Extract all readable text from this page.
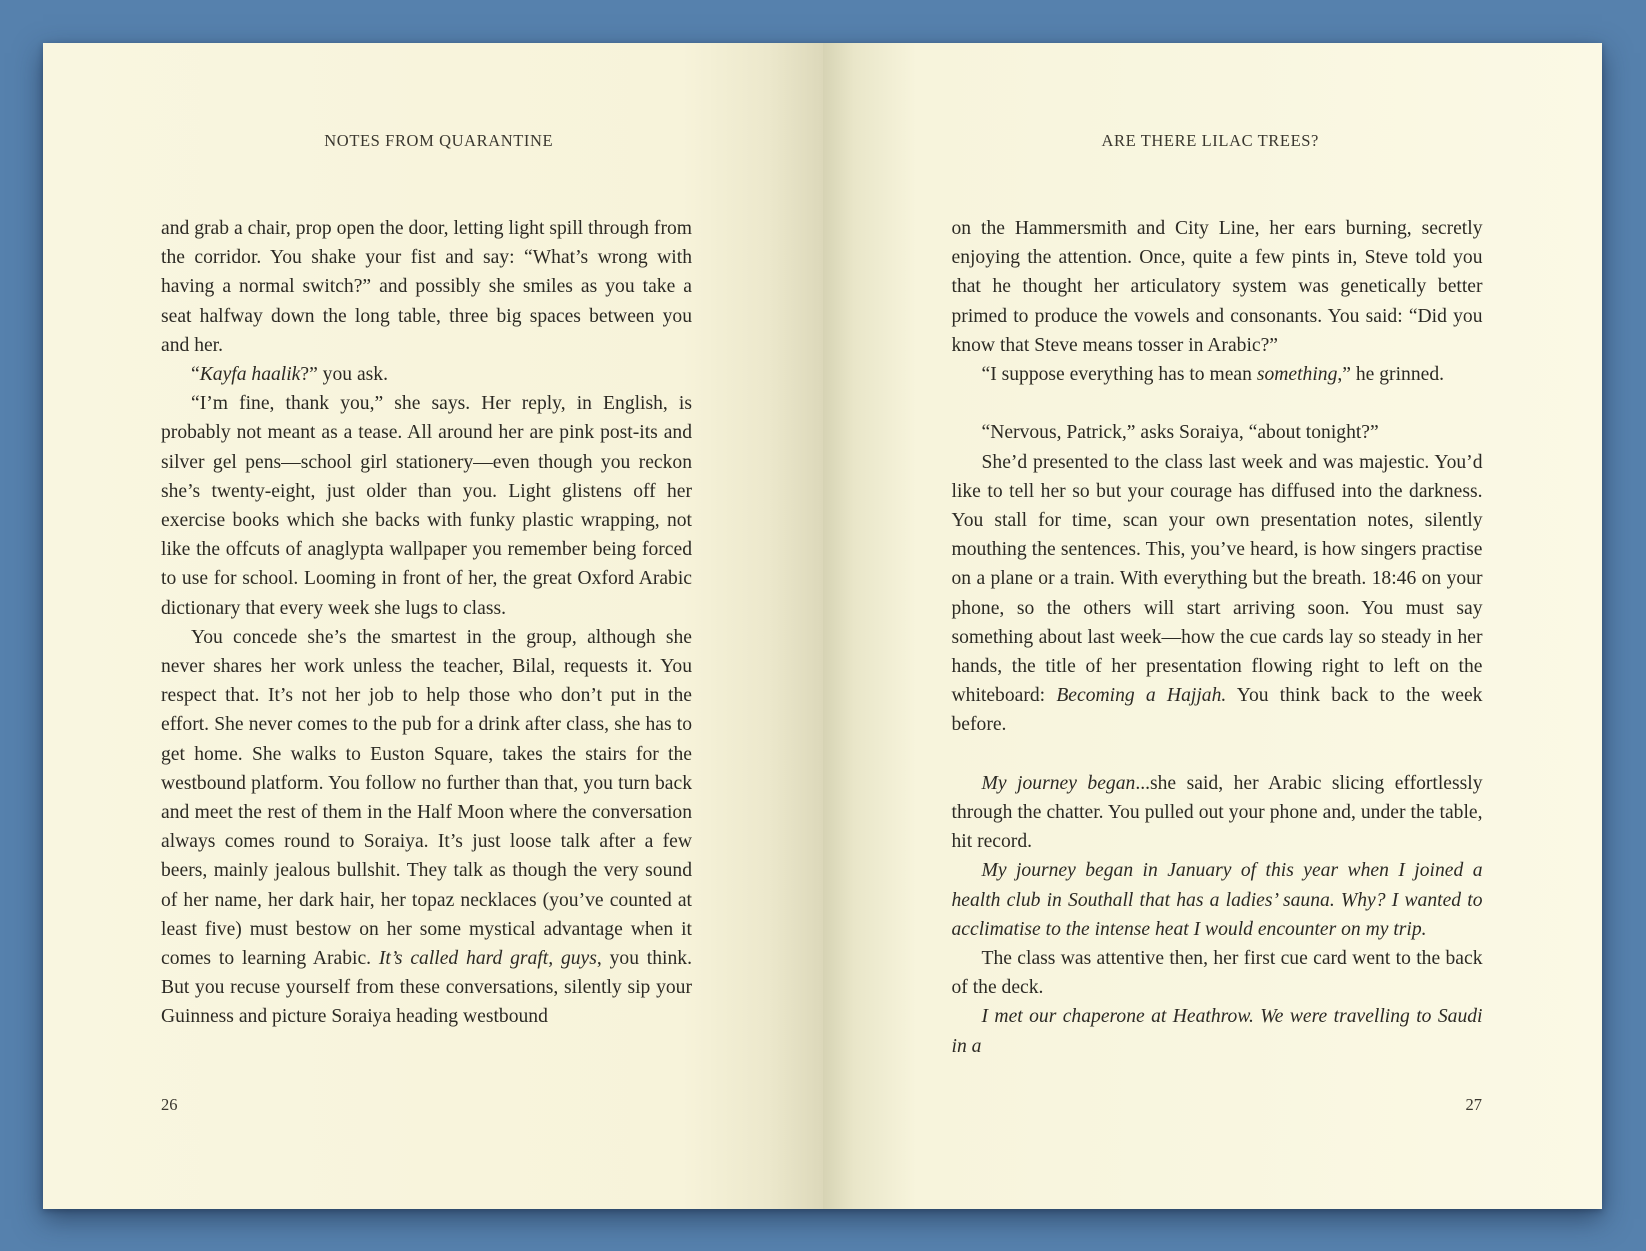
NOTES FROM QUARANTINE

and grab a chair, prop open the door, letting light spill through from the corridor. You shake your fist and say: “What’s wrong with having a normal switch?” and possibly she smiles as you take a seat halfway down the long table, three big spaces between you and her.

“Kayfa haalik?” you ask.

“I’m fine, thank you,” she says. Her reply, in English, is probably not meant as a tease. All around her are pink post-its and silver gel pens—school girl stationery—even though you reckon she’s twenty-eight, just older than you. Light glistens off her exercise books which she backs with funky plastic wrapping, not like the offcuts of anaglypta wallpaper you remember being forced to use for school. Looming in front of her, the great Oxford Arabic dictionary that every week she lugs to class.

You concede she’s the smartest in the group, although she never shares her work unless the teacher, Bilal, requests it. You respect that. It’s not her job to help those who don’t put in the effort. She never comes to the pub for a drink after class, she has to get home. She walks to Euston Square, takes the stairs for the westbound platform. You follow no further than that, you turn back and meet the rest of them in the Half Moon where the conversation always comes round to Soraiya. It’s just loose talk after a few beers, mainly jealous bullshit. They talk as though the very sound of her name, her dark hair, her topaz necklaces (you’ve counted at least five) must bestow on her some mystical advantage when it comes to learning Arabic. It’s called hard graft, guys, you think. But you recuse yourself from these conversations, silently sip your Guinness and picture Soraiya heading westbound

26
ARE THERE LILAC TREES?

on the Hammersmith and City Line, her ears burning, secretly enjoying the attention. Once, quite a few pints in, Steve told you that he thought her articulatory system was genetically better primed to produce the vowels and consonants. You said: “Did you know that Steve means tosser in Arabic?”

“I suppose everything has to mean something,” he grinned.

“Nervous, Patrick,” asks Soraiya, “about tonight?”

She’d presented to the class last week and was majestic. You’d like to tell her so but your courage has diffused into the darkness. You stall for time, scan your own presentation notes, silently mouthing the sentences. This, you’ve heard, is how singers practise on a plane or a train. With everything but the breath. 18:46 on your phone, so the others will start arriving soon. You must say something about last week—how the cue cards lay so steady in her hands, the title of her presentation flowing right to left on the whiteboard: Becoming a Hajjah. You think back to the week before.

My journey began...she said, her Arabic slicing effortlessly through the chatter. You pulled out your phone and, under the table, hit record.

My journey began in January of this year when I joined a health club in Southall that has a ladies’ sauna. Why? I wanted to acclimatise to the intense heat I would encounter on my trip.

The class was attentive then, her first cue card went to the back of the deck.

I met our chaperone at Heathrow. We were travelling to Saudi in a

27
